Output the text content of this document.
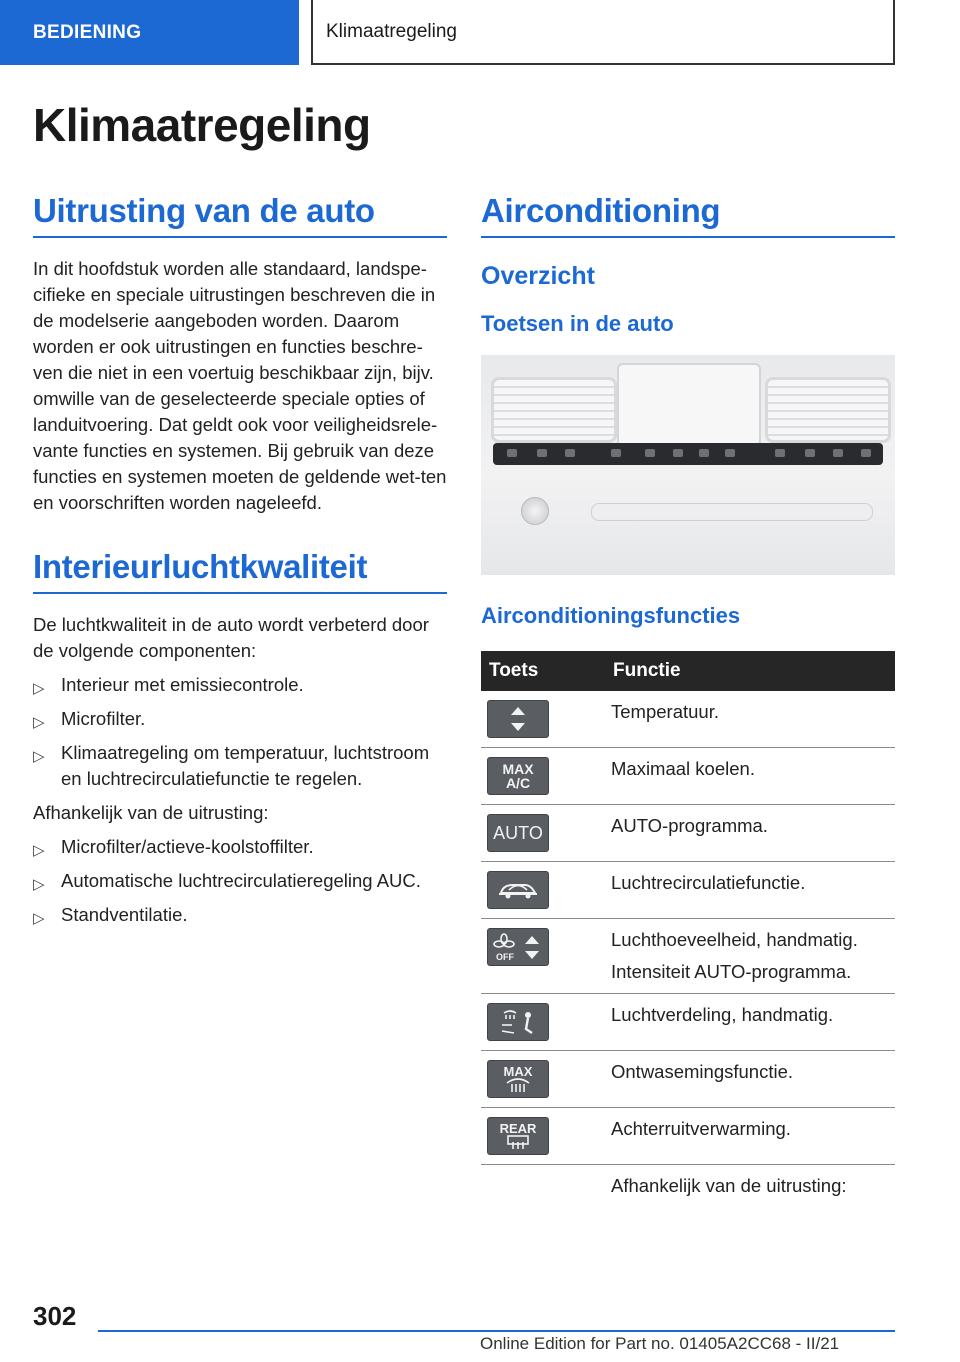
BEDIENING	Klimaatregeling
Klimaatregeling
Uitrusting van de auto

In dit hoofdstuk worden alle standaard, landspe-cifieke en speciale uitrustingen beschreven die in de modelserie aangeboden worden. Daarom worden er ook uitrustingen en functies beschre-ven die niet in een voertuig beschikbaar zijn, bijv. omwille van de geselecteerde speciale opties of landuitvoering. Dat geldt ook voor veiligheidsrele-vante functies en systemen. Bij gebruik van deze functies en systemen moeten de geldende wet-ten en voorschriften worden nageleefd.

Interieurluchtkwaliteit

De luchtkwaliteit in de auto wordt verbeterd door de volgende componenten:

▷ Interieur met emissiecontrole.
▷ Microfilter.
▷ Klimaatregeling om temperatuur, luchtstroom en luchtrecirculatiefunctie te regelen.

Afhankelijk van de uitrusting:

▷ Microfilter/actieve-koolstoffilter.
▷ Automatische luchtrecirculatieregeling AUC.
▷ Standventilatie.
Airconditioning
Overzicht
Toetsen in de auto
Airconditioningsfuncties
Toets	Functie

	Temperatuur.

MAX
A/C	Maximaal koelen.

AUTO	AUTO-programma.

	Luchtrecirculatiefunctie.

OFF	Luchthoeveelheid, handmatig.
Intensiteit AUTO-programma.

	Luchtverdeling, handmatig.

MAX	Ontwasemingsfunctie.

REAR	Achterruitverwarming.
	Afhankelijk van de uitrusting:
302
Online Edition for Part no. 01405A2CC68 - II/21
